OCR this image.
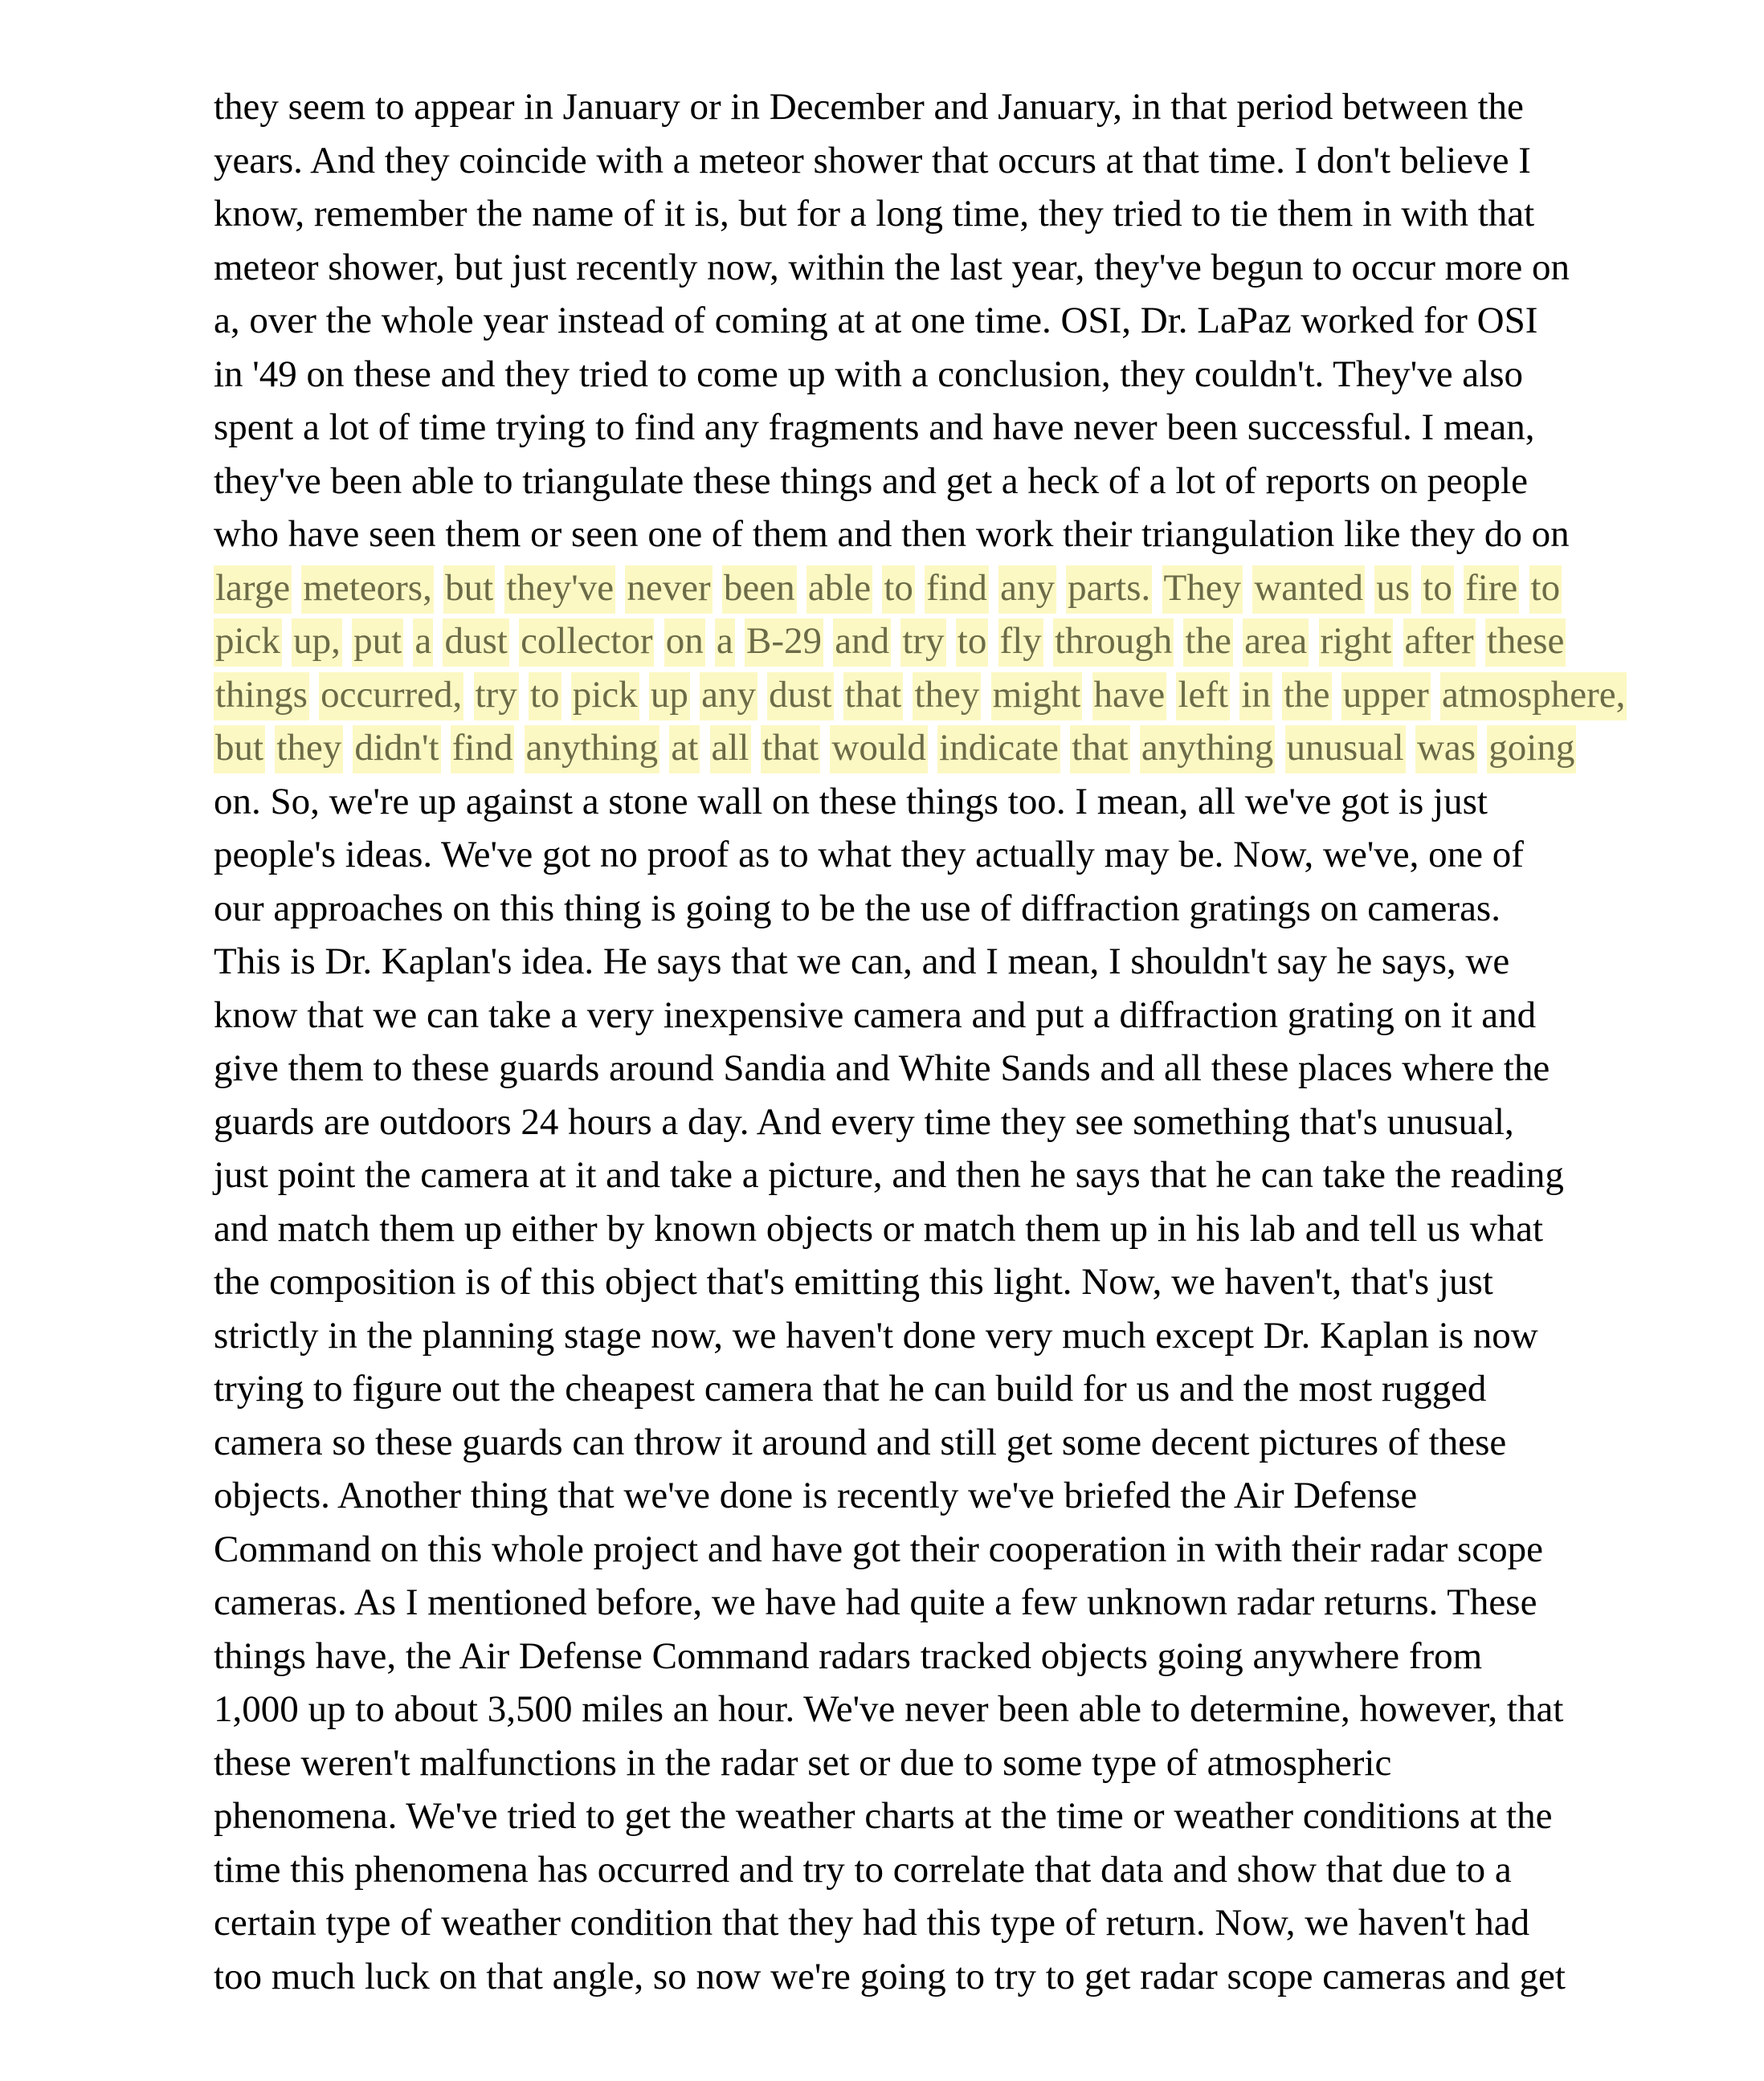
they seem to appear in January or in December and January, in that period between the
years. And they coincide with a meteor shower that occurs at that time. I don't believe I
know, remember the name of it is, but for a long time, they tried to tie them in with that
meteor shower, but just recently now, within the last year, they've begun to occur more on
a, over the whole year instead of coming at at one time. OSI, Dr. LaPaz worked for OSI
in '49 on these and they tried to come up with a conclusion, they couldn't. They've also
spent a lot of time trying to find any fragments and have never been successful. I mean,
they've been able to triangulate these things and get a heck of a lot of reports on people
who have seen them or seen one of them and then work their triangulation like they do on
large meteors, but they've never been able to find any parts. They wanted us to fire to
pick up, put a dust collector on a B-29 and try to fly through the area right after these
things occurred, try to pick up any dust that they might have left in the upper atmosphere,
but they didn't find anything at all that would indicate that anything unusual was going
on. So, we're up against a stone wall on these things too. I mean, all we've got is just
people's ideas. We've got no proof as to what they actually may be. Now, we've, one of
our approaches on this thing is going to be the use of diffraction gratings on cameras.
This is Dr. Kaplan's idea. He says that we can, and I mean, I shouldn't say he says, we
know that we can take a very inexpensive camera and put a diffraction grating on it and
give them to these guards around Sandia and White Sands and all these places where the
guards are outdoors 24 hours a day. And every time they see something that's unusual,
just point the camera at it and take a picture, and then he says that he can take the reading
and match them up either by known objects or match them up in his lab and tell us what
the composition is of this object that's emitting this light. Now, we haven't, that's just
strictly in the planning stage now, we haven't done very much except Dr. Kaplan is now
trying to figure out the cheapest camera that he can build for us and the most rugged
camera so these guards can throw it around and still get some decent pictures of these
objects. Another thing that we've done is recently we've briefed the Air Defense
Command on this whole project and have got their cooperation in with their radar scope
cameras. As I mentioned before, we have had quite a few unknown radar returns. These
things have, the Air Defense Command radars tracked objects going anywhere from
1,000 up to about 3,500 miles an hour. We've never been able to determine, however, that
these weren't malfunctions in the radar set or due to some type of atmospheric
phenomena. We've tried to get the weather charts at the time or weather conditions at the
time this phenomena has occurred and try to correlate that data and show that due to a
certain type of weather condition that they had this type of return. Now, we haven't had
too much luck on that angle, so now we're going to try to get radar scope cameras and get
